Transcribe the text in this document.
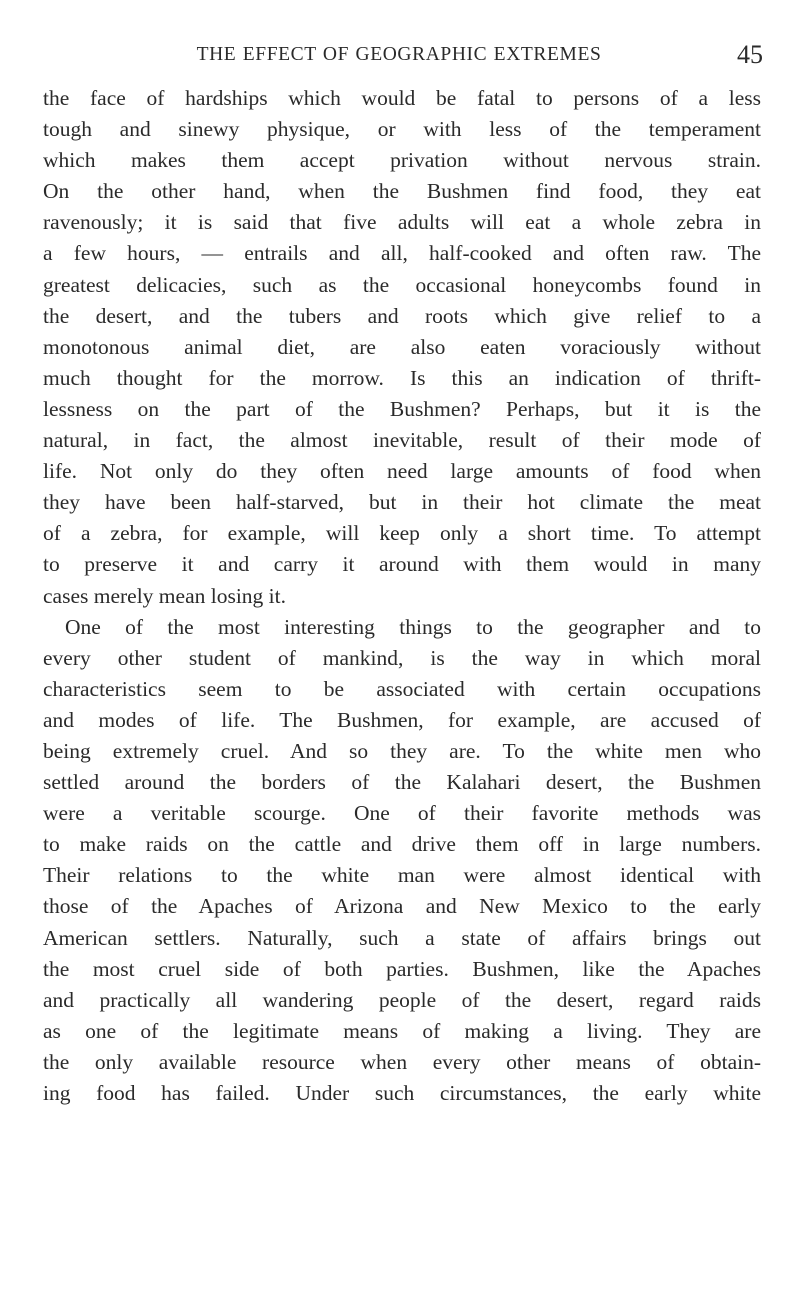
THE EFFECT OF GEOGRAPHIC EXTREMES	45
the face of hardships which would be fatal to persons of a less
tough and sinewy physique, or with less of the temperament
which makes them accept privation without nervous strain.
On the other hand, when the Bushmen find food, they eat
ravenously; it is said that five adults will eat a whole zebra in
a few hours, — entrails and all, half-cooked and often raw. The
greatest delicacies, such as the occasional honeycombs found in
the desert, and the tubers and roots which give relief to a
monotonous animal diet, are also eaten voraciously without
much thought for the morrow. Is this an indication of thrift-
lessness on the part of the Bushmen? Perhaps, but it is the
natural, in fact, the almost inevitable, result of their mode of
life. Not only do they often need large amounts of food when
they have been half-starved, but in their hot climate the meat
of a zebra, for example, will keep only a short time. To attempt
to preserve it and carry it around with them would in many
cases merely mean losing it.
One of the most interesting things to the geographer and to
every other student of mankind, is the way in which moral
characteristics seem to be associated with certain occupations
and modes of life. The Bushmen, for example, are accused of
being extremely cruel. And so they are. To the white men who
settled around the borders of the Kalahari desert, the Bushmen
were a veritable scourge. One of their favorite methods was
to make raids on the cattle and drive them off in large numbers.
Their relations to the white man were almost identical with
those of the Apaches of Arizona and New Mexico to the early
American settlers. Naturally, such a state of affairs brings out
the most cruel side of both parties. Bushmen, like the Apaches
and practically all wandering people of the desert, regard raids
as one of the legitimate means of making a living. They are
the only available resource when every other means of obtain-
ing food has failed. Under such circumstances, the early white
